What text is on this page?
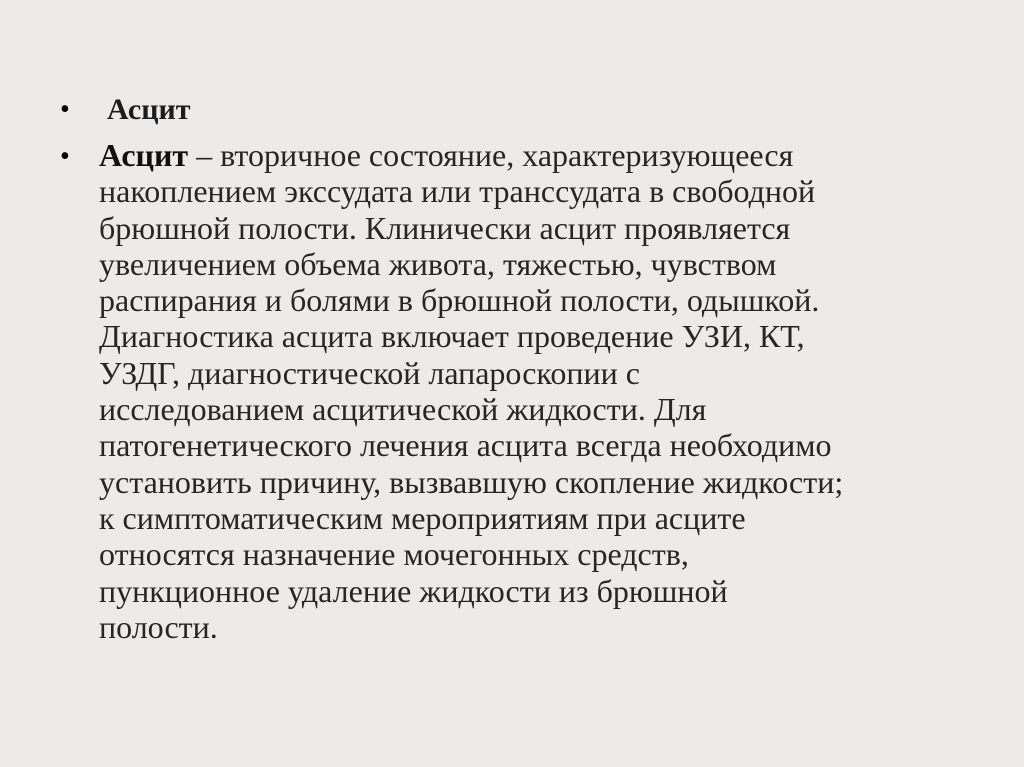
• Асцит
• Асцит – вторичное состояние, характеризующееся
накоплением экссудата или транссудата в свободной
брюшной полости. Клинически асцит проявляется
увеличением объема живота, тяжестью, чувством
распирания и болями в брюшной полости, одышкой.
Диагностика асцита включает проведение УЗИ, КТ,
УЗДГ, диагностической лапароскопии с
исследованием асцитической жидкости. Для
патогенетического лечения асцита всегда необходимо
установить причину, вызвавшую скопление жидкости;
к симптоматическим мероприятиям при асците
относятся назначение мочегонных средств,
пункционное удаление жидкости из брюшной
полости.
